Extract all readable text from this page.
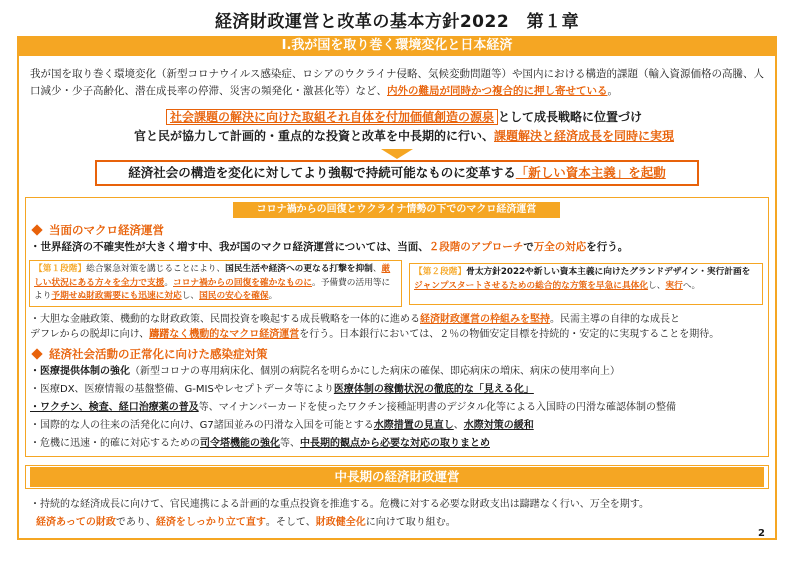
経済財政運営と改革の基本方針2022　第１章
Ⅰ.我が国を取り巻く環境変化と日本経済
我が国を取り巻く環境変化（新型コロナウイルス感染症、ロシアのウクライナ侵略、気候変動問題等）や国内における構造的課題（輸入資源価格の高騰、人口減少・少子高齢化、潜在成長率の停滞、災害の頻発化・激甚化等）など、内外の難局が同時かつ複合的に押し寄せている。
社会課題の解決に向けた取組それ自体を付加価値創造の源泉 として成長戦略に位置づけ
官と民が協力して計画的・重点的な投資と改革を中長期的に行い、課題解決と経済成長を同時に実現
経済社会の構造を変化に対してより強靱で持続可能なものに変革する「新しい資本主義」を起動
コロナ禍からの回復とウクライナ情勢の下でのマクロ経済運営
当面のマクロ経済運営
・世界経済の不確実性が大きく増す中、我が国のマクロ経済運営については、当面、２段階のアプローチで万全の対応を行う。
【第１段階】総合緊急対策を講じることにより、国民生活や経済への更なる打撃を抑制、厳しい状況にある方々を全力で支援。コロナ禍からの回復を確かなものに。予備費の活用等により予期せぬ財政需要にも迅速に対応し、国民の安心を確保。
【第２段階】骨太方針2022や新しい資本主義に向けたグランドデザイン・実行計画をジャンプスタートさせるための総合的な方策を早急に具体化し、実行へ。
・大胆な金融政策、機動的な財政政策、民間投資を喚起する成長戦略を一体的に進める経済財政運営の枠組みを堅持。民需主導の自律的な成長と
デフレからの脱却に向け、躊躇なく機動的なマクロ経済運営を行う。日本銀行においては、２％の物価安定目標を持続的・安定的に実現することを期待。
経済社会活動の正常化に向けた感染症対策
・医療提供体制の強化（新型コロナの専用病床化、個別の病院名を明らかにした病床の確保、即応病床の増床、病床の使用率向上）
・医療DX、医療情報の基盤整備、G-MISやレセプトデータ等により医療体制の稼働状況の徹底的な「見える化」
・ワクチン、検査、経口治療薬の普及等、マイナンバーカードを使ったワクチン接種証明書のデジタル化等による入国時の円滑な確認体制の整備
・国際的な人の往来の活発化に向け、G7諸国並みの円滑な入国を可能とする水際措置の見直し、水際対策の緩和
・危機に迅速・的確に対応するための司令塔機能の強化等、中長期的観点から必要な対応の取りまとめ
中長期の経済財政運営
・持続的な経済成長に向けて、官民連携による計画的な重点投資を推進する。危機に対する必要な財政支出は躊躇なく行い、万全を期す。
経済あっての財政であり、経済をしっかり立て直す。そして、財政健全化に向けて取り組む。
2
